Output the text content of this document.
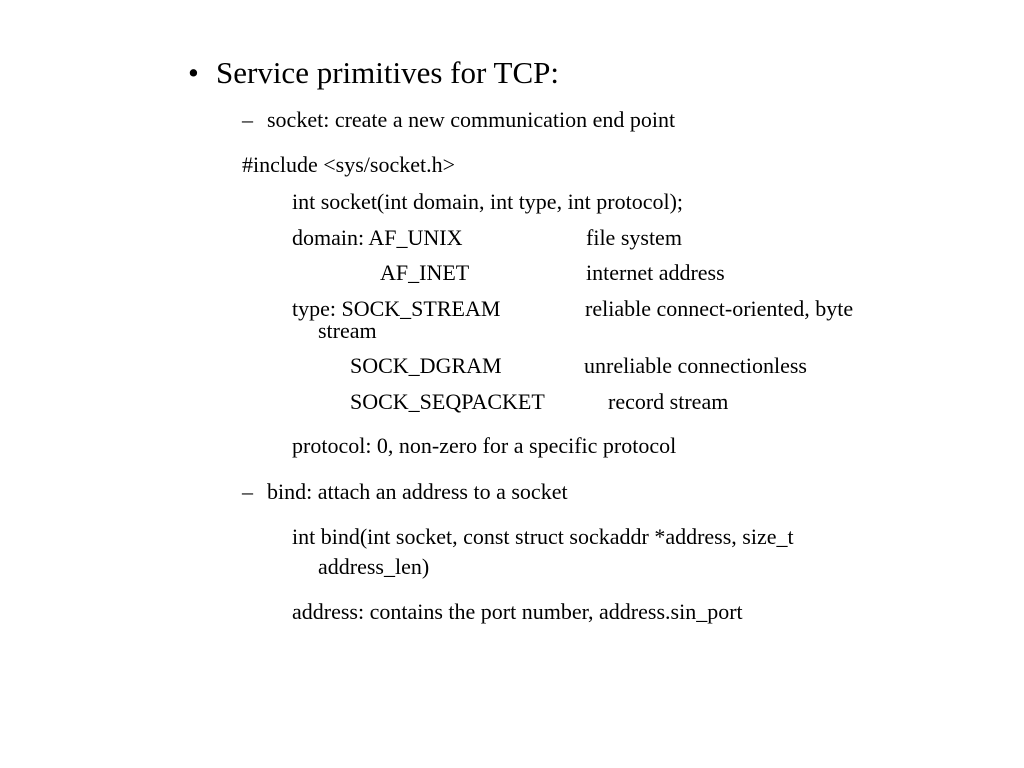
• Service primitives for TCP:
– socket: create a new communication end point
#include <sys/socket.h>
int socket(int domain, int type, int protocol);
domain: AF_UNIX	file system
AF_INET	internet address
type: SOCK_STREAM	reliable connect-oriented, byte
stream
SOCK_DGRAM	unreliable connectionless
SOCK_SEQPACKET	record stream
protocol: 0, non-zero for a specific protocol
– bind: attach an address to a socket
int bind(int socket, const struct sockaddr *address, size_t
address_len)
address: contains the port number, address.sin_port
